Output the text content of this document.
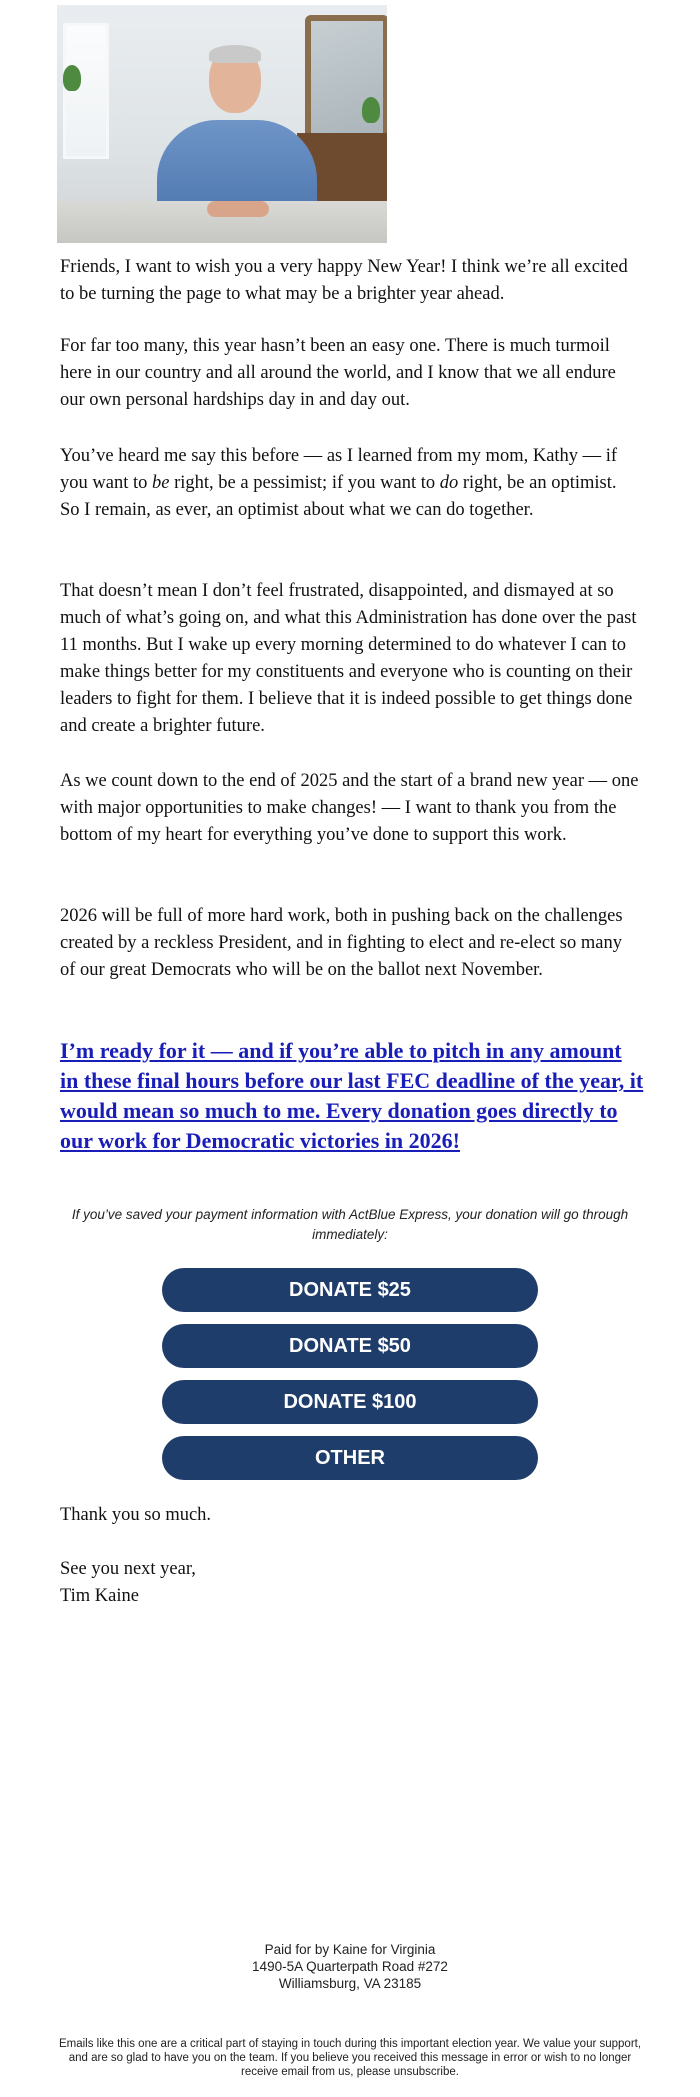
Friends, I want to wish you a very happy New Year! I think we’re all excited to be turning the page to what may be a brighter year ahead.

For far too many, this year hasn’t been an easy one. There is much turmoil here in our country and all around the world, and I know that we all endure our own personal hardships day in and day out.

You’ve heard me say this before — as I learned from my mom, Kathy — if you want to be right, be a pessimist; if you want to do right, be an optimist. So I remain, as ever, an optimist about what we can do together.

That doesn’t mean I don’t feel frustrated, disappointed, and dismayed at so much of what’s going on, and what this Administration has done over the past 11 months. But I wake up every morning determined to do whatever I can to make things better for my constituents and everyone who is counting on their leaders to fight for them. I believe that it is indeed possible to get things done and create a brighter future.

As we count down to the end of 2025 and the start of a brand new year — one with major opportunities to make changes! — I want to thank you from the bottom of my heart for everything you’ve done to support this work.

2026 will be full of more hard work, both in pushing back on the challenges created by a reckless President, and in fighting to elect and re-elect so many of our great Democrats who will be on the ballot next November.

I’m ready for it — and if you’re able to pitch in any amount in these final hours before our last FEC deadline of the year, it would mean so much to me. Every donation goes directly to our work for Democratic victories in 2026!

If you’ve saved your payment information with ActBlue Express, your donation will go through immediately:

DONATE $25
DONATE $50
DONATE $100
OTHER

Thank you so much.

See you next year,

Tim Kaine

Paid for by Kaine for Virginia

1490-5A Quarterpath Road #272

Williamsburg, VA 23185

Emails like this one are a critical part of staying in touch during this important election year. We value your support, and are so glad to have you on the team. If you believe you received this message in error or wish to no longer receive email from us, please unsubscribe.
